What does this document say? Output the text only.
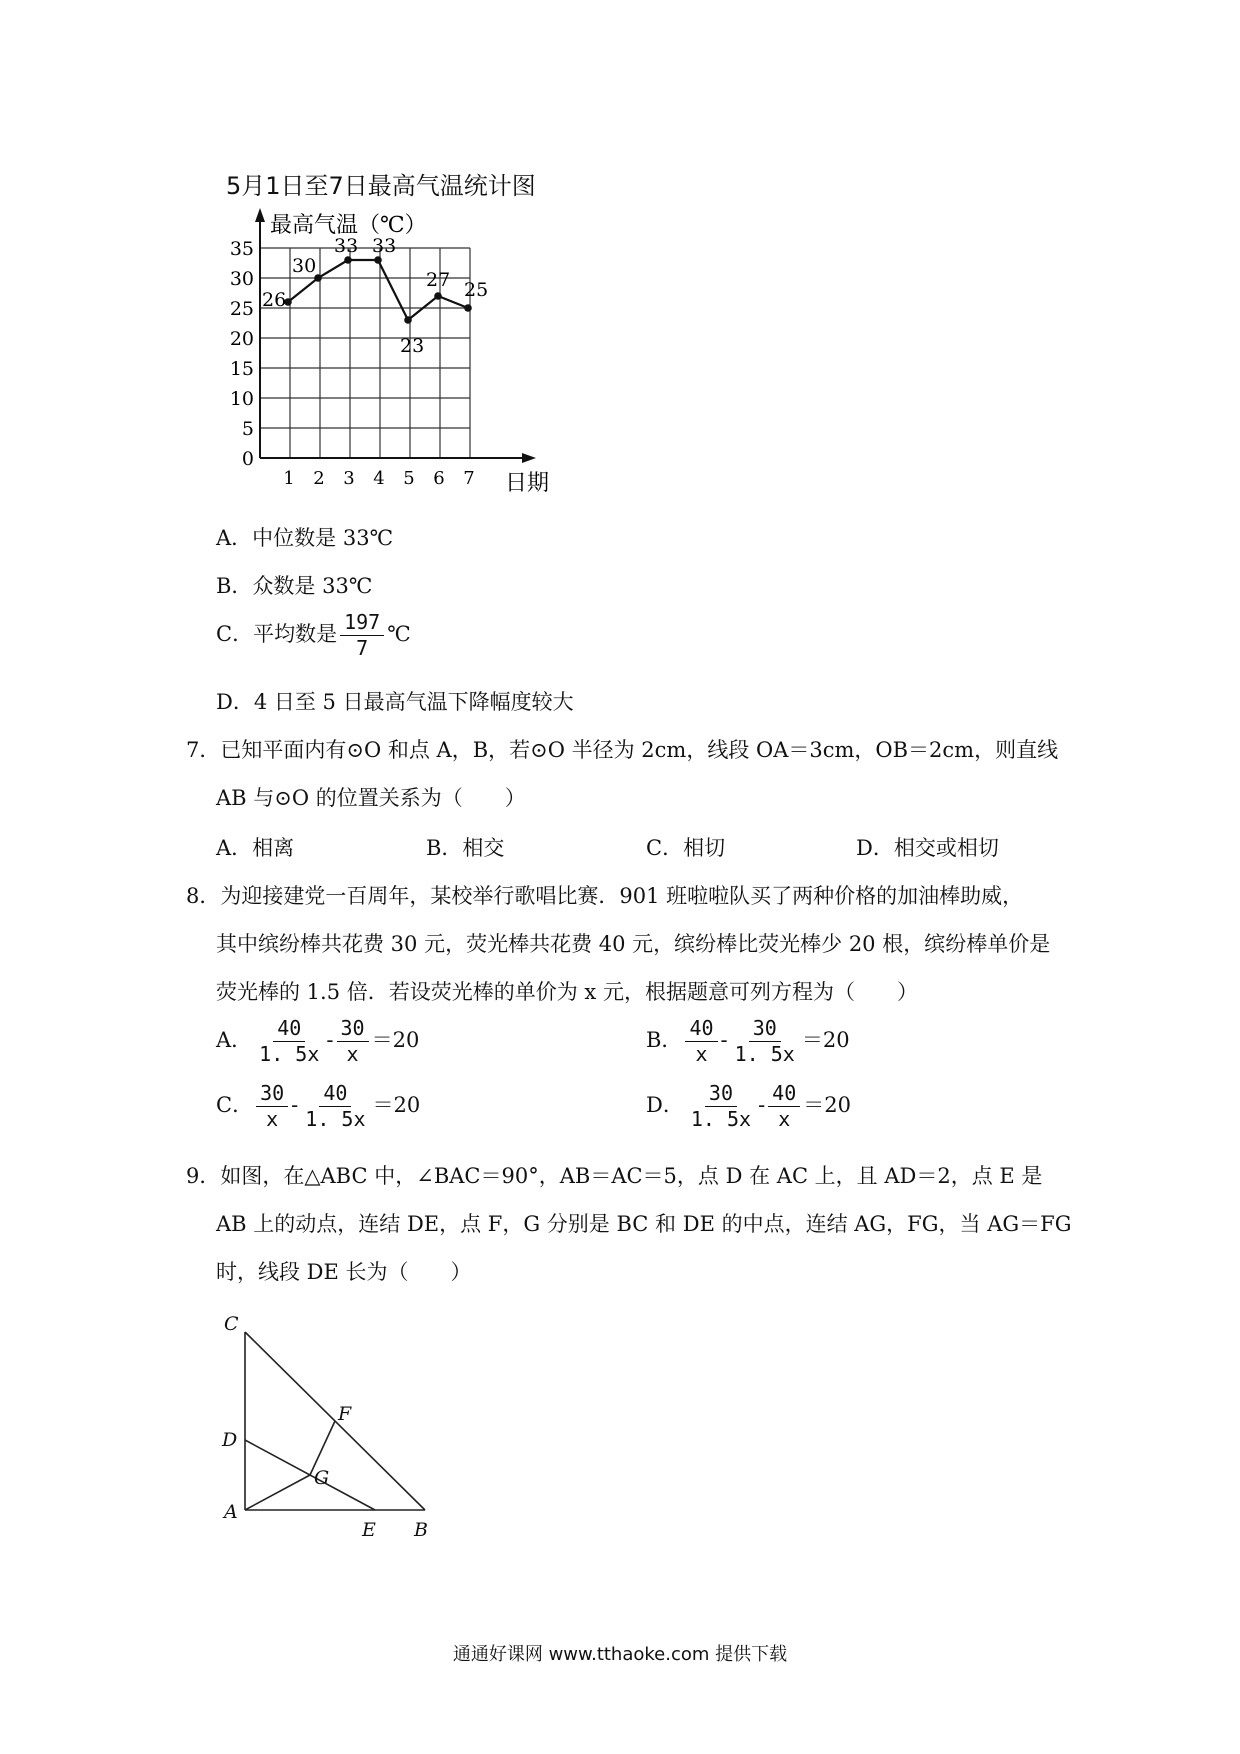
5月1日至7日最高气温统计图
0
5
10
15
20
25
30
35
1 2 3 4 5 6 7
最高气温（℃）
日期
26
30
33 33
23
27 25
A．中位数是 33℃
B．众数是 33℃
C．平均数是 $\frac{197}{7}$ ℃
D．4 日至 5 日最高气温下降幅度较大
7．已知平面内有⊙O 和点 A，B，若⊙O 半径为 2cm，线段 OA＝3cm，OB＝2cm，则直线
AB 与⊙O 的位置关系为（　　）
A．相离	B．相交	C．相切	D．相交或相切
8．为迎接建党一百周年，某校举行歌唱比赛．901 班啦啦队买了两种价格的加油棒助威，
其中缤纷棒共花费 30 元，荧光棒共花费 40 元，缤纷棒比荧光棒少 20 根，缤纷棒单价是
荧光棒的 1.5 倍．若设荧光棒的单价为 x 元，根据题意可列方程为（　　）
A． $\frac{40}{1. 5x} - \frac{30}{x} =20$	B． $\frac{40}{x} - \frac{30}{1. 5x} =20$
C． $\frac{30}{x} - \frac{40}{1. 5x} =20$	D． $\frac{30}{1. 5x} - \frac{40}{x} =20$
9．如图，在△ABC 中，∠BAC＝90°，AB＝AC＝5，点 D 在 AC 上，且 AD＝2，点 E 是
AB 上的动点，连结 DE，点 F，G 分别是 BC 和 DE 的中点，连结 AG，FG，当 AG＝FG
时，线段 DE 长为（　　）
C
D
A
E B
F
G
通通好课网 www.tthaoke.com 提供下载
